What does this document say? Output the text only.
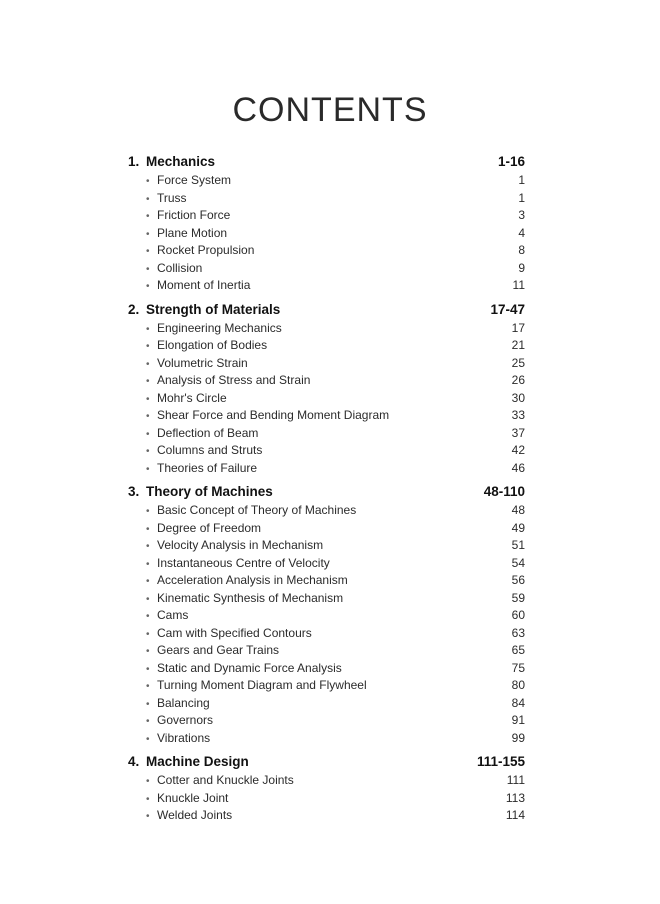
CONTENTS
1. Mechanics	1-16
• Force System	1
• Truss	1
• Friction Force	3
• Plane Motion	4
• Rocket Propulsion	8
• Collision	9
• Moment of Inertia	11
2. Strength of Materials	17-47
• Engineering Mechanics	17
• Elongation of Bodies	21
• Volumetric Strain	25
• Analysis of Stress and Strain	26
• Mohr's Circle	30
• Shear Force and Bending Moment Diagram	33
• Deflection of Beam	37
• Columns and Struts	42
• Theories of Failure	46
3. Theory of Machines	48-110
• Basic Concept of Theory of Machines	48
• Degree of Freedom	49
• Velocity Analysis in Mechanism	51
• Instantaneous Centre of Velocity	54
• Acceleration Analysis in Mechanism	56
• Kinematic Synthesis of Mechanism	59
• Cams	60
• Cam with Specified Contours	63
• Gears and Gear Trains	65
• Static and Dynamic Force Analysis	75
• Turning Moment Diagram and Flywheel	80
• Balancing	84
• Governors	91
• Vibrations	99
4. Machine Design	111-155
• Cotter and Knuckle Joints	111
• Knuckle Joint	113
• Welded Joints	114
